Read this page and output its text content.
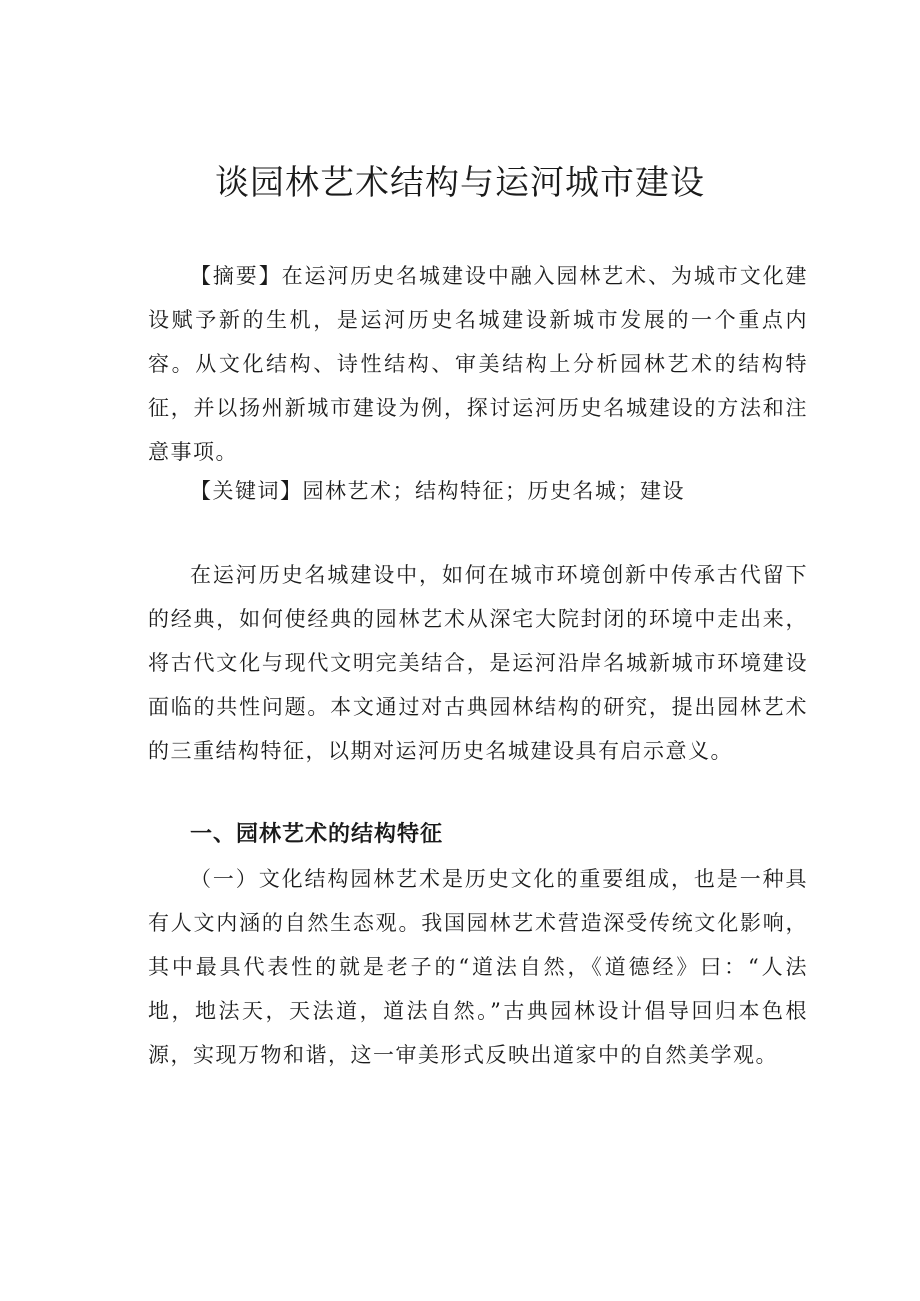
谈园林艺术结构与运河城市建设

【摘要】在运河历史名城建设中融入园林艺术、为城市文化建设赋予新的生机，是运河历史名城建设新城市发展的一个重点内容。从文化结构、诗性结构、审美结构上分析园林艺术的结构特征，并以扬州新城市建设为例，探讨运河历史名城建设的方法和注意事项。

【关键词】园林艺术；结构特征；历史名城；建设

在运河历史名城建设中，如何在城市环境创新中传承古代留下的经典，如何使经典的园林艺术从深宅大院封闭的环境中走出来，将古代文化与现代文明完美结合，是运河沿岸名城新城市环境建设面临的共性问题。本文通过对古典园林结构的研究，提出园林艺术的三重结构特征，以期对运河历史名城建设具有启示意义。

一、园林艺术的结构特征

（一）文化结构园林艺术是历史文化的重要组成，也是一种具有人文内涵的自然生态观。我国园林艺术营造深受传统文化影响，其中最具代表性的就是老子的“道法自然，《道德经》曰：“人法地，地法天，天法道，道法自然。”古典园林设计倡导回归本色根源，实现万物和谐，这一审美形式反映出道家中的自然美学观。
